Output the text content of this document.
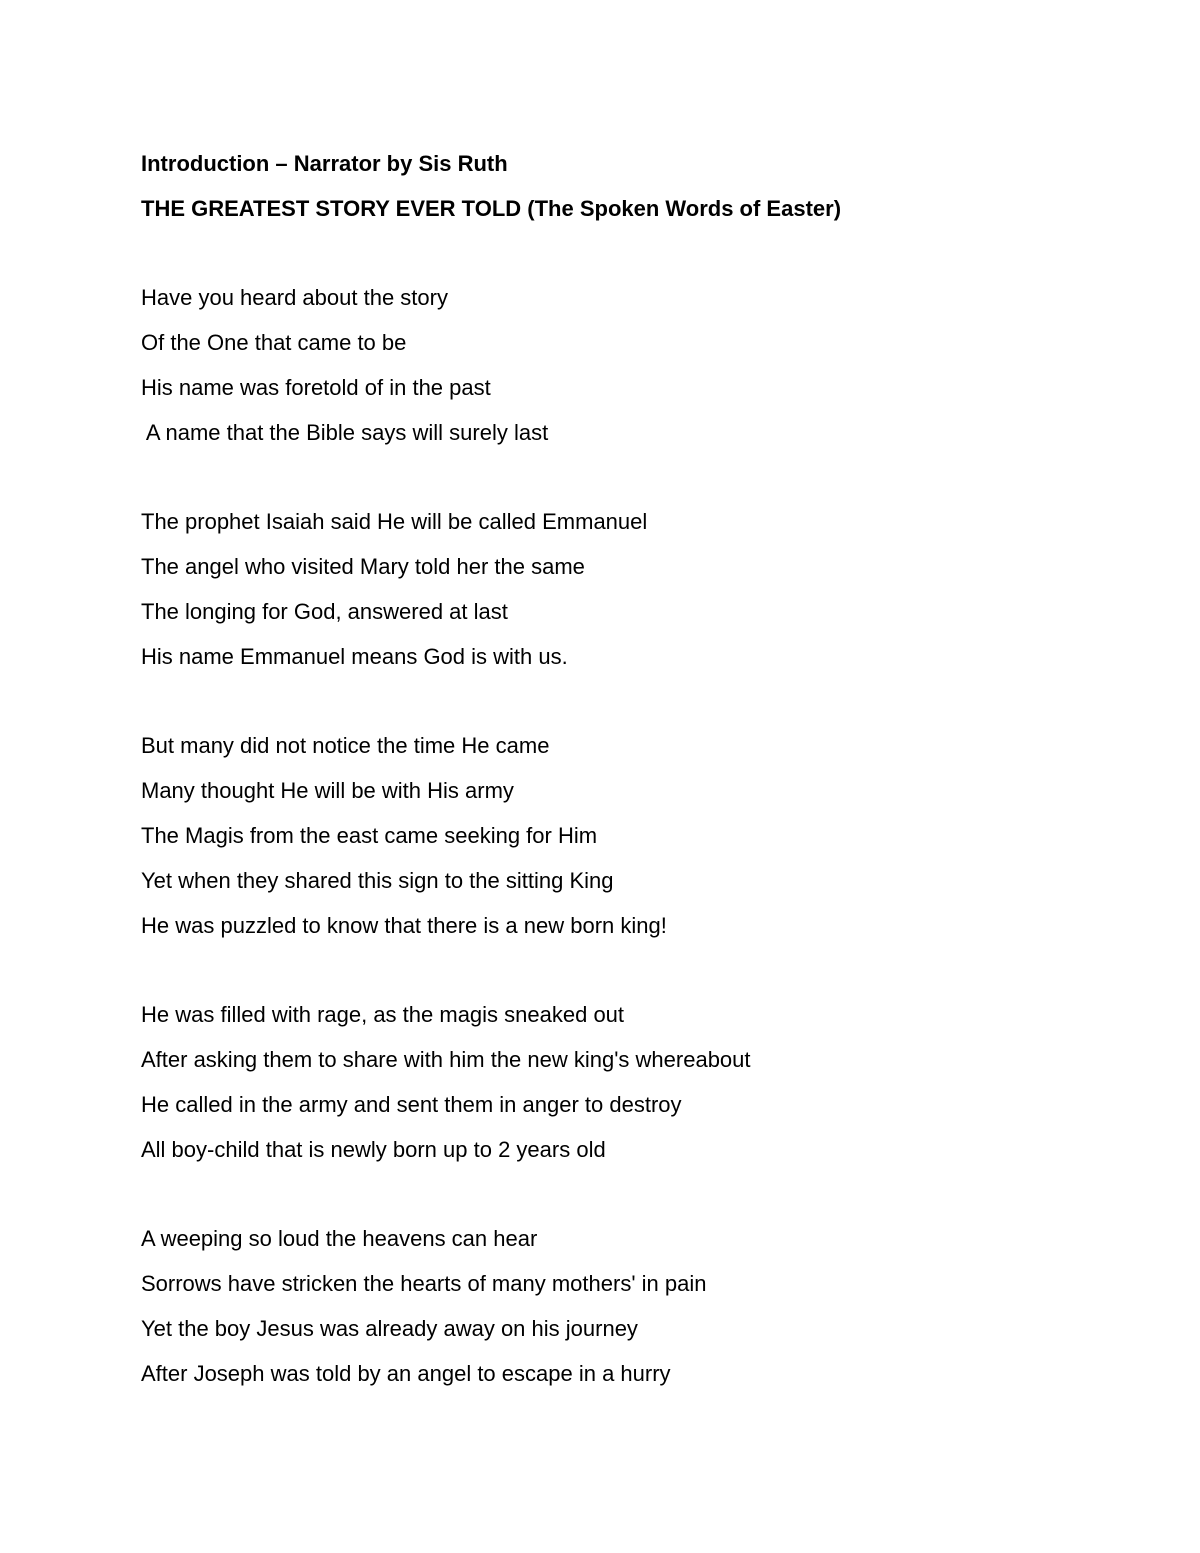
Introduction – Narrator by Sis Ruth

THE GREATEST STORY EVER TOLD (The Spoken Words of Easter)

Have you heard about the story

Of the One that came to be

His name was foretold of in the past

A name that the Bible says will surely last

The prophet Isaiah said He will be called Emmanuel

The angel who visited Mary told her the same

The longing for God, answered at last

His name Emmanuel means God is with us.

But many did not notice the time He came

Many thought He will be with His army

The Magis from the east came seeking for Him

Yet when they shared this sign to the sitting King

He was puzzled to know that there is a new born king!

He was filled with rage, as the magis sneaked out

After asking them to share with him the new king's whereabout

He called in the army and sent them in anger to destroy

All boy-child that is newly born up to 2 years old

A weeping so loud the heavens can hear

Sorrows have stricken the hearts of many mothers' in pain

Yet the boy Jesus was already away on his journey

After Joseph was told by an angel to escape in a hurry
